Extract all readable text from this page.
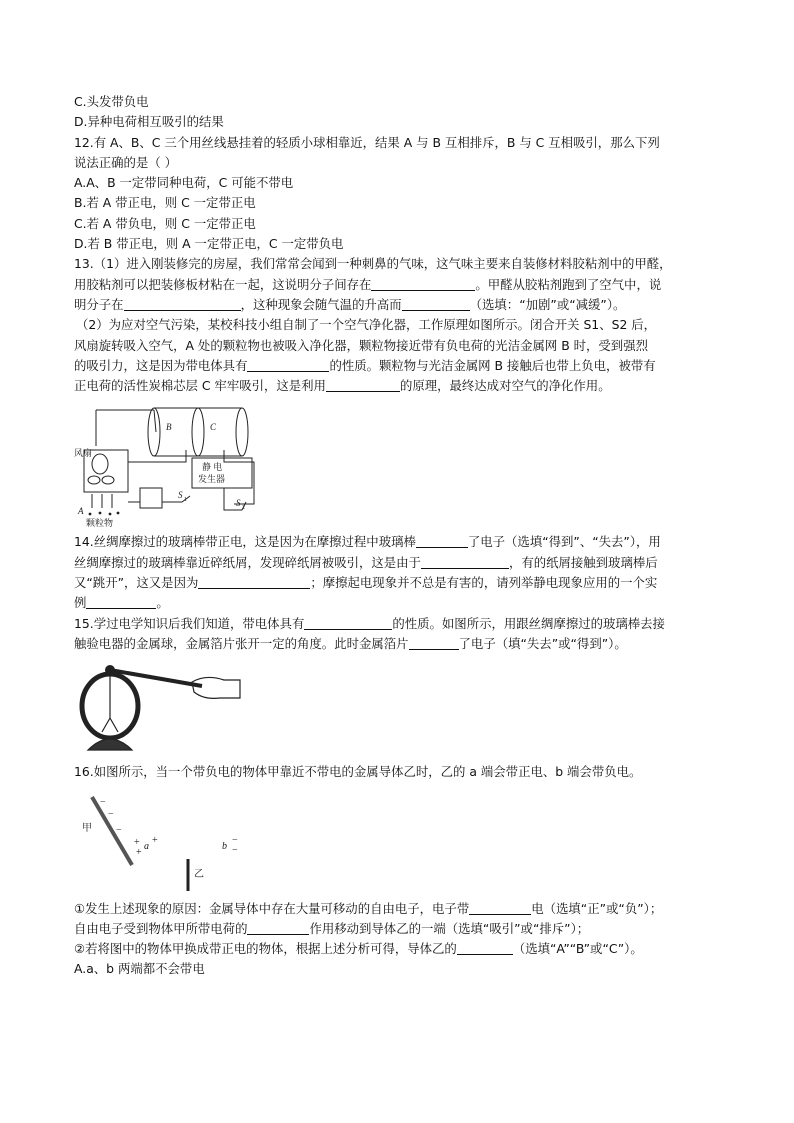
C.头发带负电
D.异种电荷相互吸引的结果
12.有 A、B、C 三个用丝线悬挂着的轻质小球相靠近，结果 A 与 B 互相排斥，B 与 C 互相吸引，那么下列
说法正确的是（ ）
A.A、B 一定带同种电荷，C 可能不带电
B.若 A 带正电，则 C 一定带正电
C.若 A 带负电，则 C 一定带正电
D.若 B 带正电，则 A 一定带正电，C 一定带负电
13.（1）进入刚装修完的房屋，我们常常会闻到一种刺鼻的气味，这气味主要来自装修材料胶粘剂中的甲醛，
用胶粘剂可以把装修板材粘在一起，这说明分子间存在	。甲醛从胶粘剂跑到了空气中，说
明分子在	，这种现象会随气温的升高而	（选填：“加剧”或“减缓”）。
（2）为应对空气污染，某校科技小组自制了一个空气净化器，工作原理如图所示。闭合开关 S1、S2 后，
风扇旋转吸入空气，A 处的颗粒物也被吸入净化器，颗粒物接近带有负电荷的光洁金属网 B 时，受到强烈
的吸引力，这是因为带电体具有	的性质。颗粒物与光洁金属网 B 接触后也带上负电，被带有
正电荷的活性炭棉芯层 C 牢牢吸引，这是利用	的原理，最终达成对空气的净化作用。
风扇
静 电
发生器
颗粒物
A
B	C
S 1	S 2
14.丝绸摩擦过的玻璃棒带正电，这是因为在摩擦过程中玻璃棒	了电子（选填“得到”、“失去”），用
丝绸摩擦过的玻璃棒靠近碎纸屑，发现碎纸屑被吸引，这是由于	，有的纸屑接触到玻璃棒后
又“跳开”，这又是因为	；摩擦起电现象并不总是有害的，请列举静电现象应用的一个实
例	。
15.学过电学知识后我们知道，带电体具有	的性质。如图所示，用跟丝绸摩擦过的玻璃棒去接
触验电器的金属球，金属箔片张开一定的角度。此时金属箔片	了电子（填“失去”或“得到”）。
16.如图所示，当一个带负电的物体甲靠近不带电的金属导体乙时，乙的 a 端会带正电、b 端会带负电。
甲
乙
a	b
+
+
+	−
−
−
−
−
①发生上述现象的原因：金属导体中存在大量可移动的自由电子，电子带	电（选填“正”或“负”）；
自由电子受到物体甲所带电荷的	作用移动到导体乙的一端（选填“吸引”或“排斥”）；
②若将图中的物体甲换成带正电的物体，根据上述分析可得，导体乙的	（选填“A”“B”或“C”）。
A.a、b 两端都不会带电
